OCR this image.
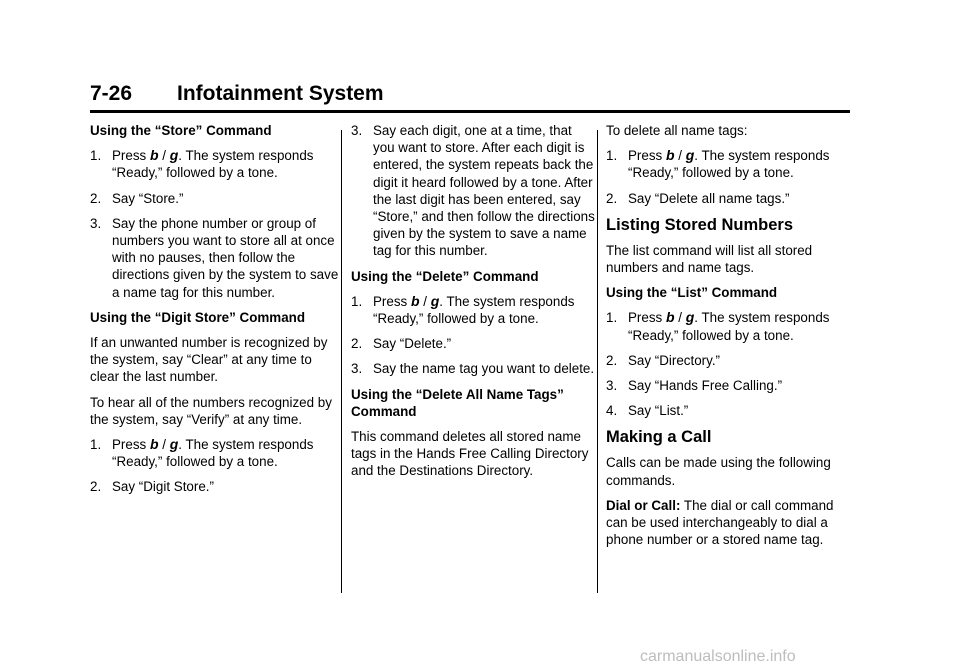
7-26 Infotainment System

Using the “Store” Command

1. Press b / g. The system responds “Ready,” followed by a tone.
2. Say “Store.”
3. Say the phone number or group of numbers you want to store all at once with no pauses, then follow the directions given by the system to save a name tag for this number.

Using the “Digit Store” Command

If an unwanted number is recognized by the system, say “Clear” at any time to clear the last number.

To hear all of the numbers recognized by the system, say “Verify” at any time.

1. Press b / g. The system responds “Ready,” followed by a tone.
2. Say “Digit Store.”
3. Say each digit, one at a time, that you want to store. After each digit is entered, the system repeats back the digit it heard followed by a tone. After the last digit has been entered, say “Store,” and then follow the directions given by the system to save a name tag for this number.

Using the “Delete” Command

1. Press b / g. The system responds “Ready,” followed by a tone.
2. Say “Delete.”
3. Say the name tag you want to delete.

Using the “Delete All Name Tags” Command

This command deletes all stored name tags in the Hands Free Calling Directory and the Destinations Directory.

To delete all name tags:

1. Press b / g. The system responds “Ready,” followed by a tone.
2. Say “Delete all name tags.”
Listing Stored Numbers

The list command will list all stored numbers and name tags.

Using the “List” Command

1. Press b / g. The system responds “Ready,” followed by a tone.
2. Say “Directory.”
3. Say “Hands Free Calling.”
4. Say “List.”
Making a Call

Calls can be made using the following commands.

Dial or Call: The dial or call command can be used interchangeably to dial a phone number or a stored name tag.

carmanualsonline.info
